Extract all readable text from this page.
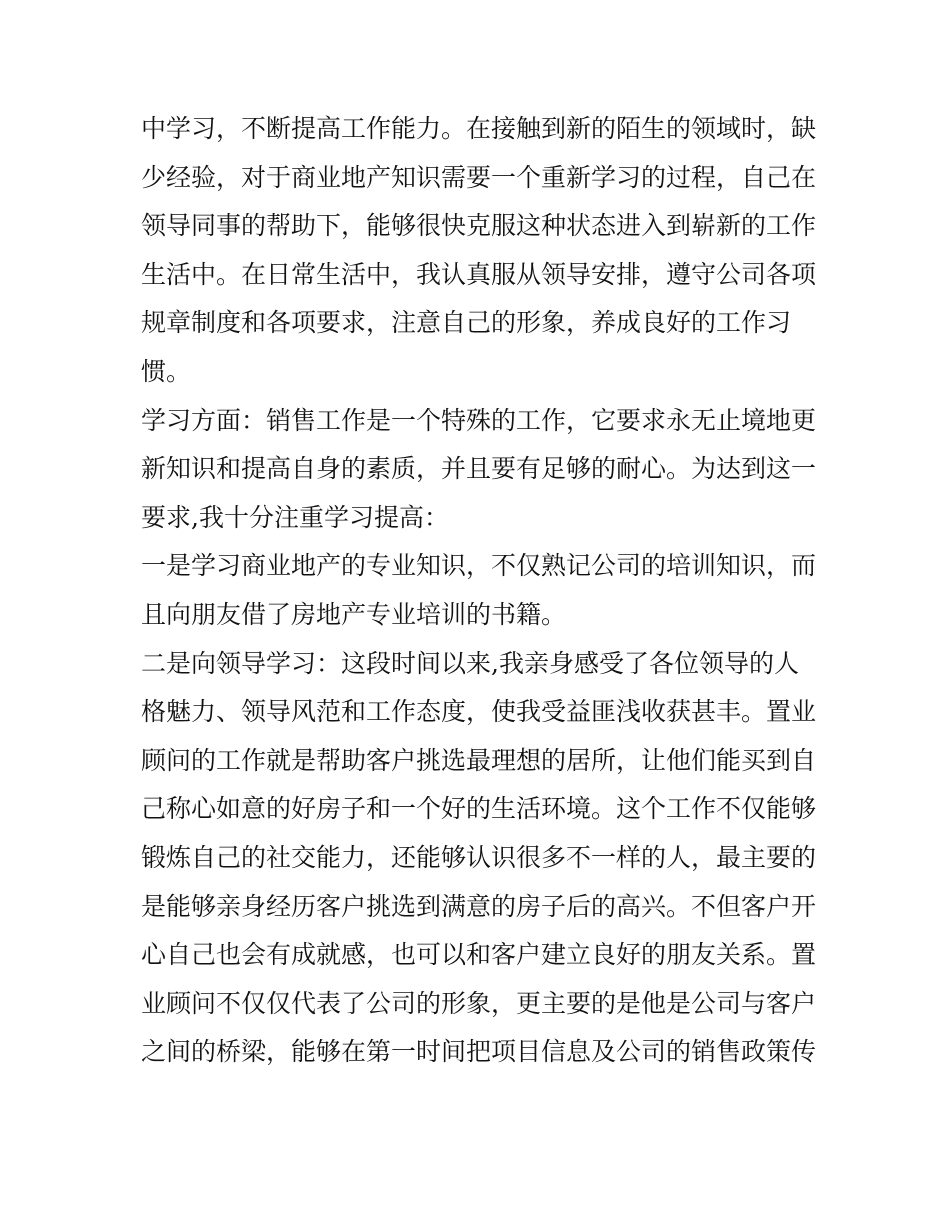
中学习，不断提高工作能力。在接触到新的陌生的领域时，缺
少经验，对于商业地产知识需要一个重新学习的过程，自己在
领导同事的帮助下，能够很快克服这种状态进入到崭新的工作
生活中。在日常生活中，我认真服从领导安排，遵守公司各项
规章制度和各项要求，注意自己的形象，养成良好的工作习
惯。
学习方面：销售工作是一个特殊的工作，它要求永无止境地更
新知识和提高自身的素质，并且要有足够的耐心。为达到这一
要求,我十分注重学习提高：
一是学习商业地产的专业知识，不仅熟记公司的培训知识，而
且向朋友借了房地产专业培训的书籍。
二是向领导学习：这段时间以来,我亲身感受了各位领导的人
格魅力、领导风范和工作态度，使我受益匪浅收获甚丰。置业
顾问的工作就是帮助客户挑选最理想的居所，让他们能买到自
己称心如意的好房子和一个好的生活环境。这个工作不仅能够
锻炼自己的社交能力，还能够认识很多不一样的人，最主要的
是能够亲身经历客户挑选到满意的房子后的高兴。不但客户开
心自己也会有成就感，也可以和客户建立良好的朋友关系。置
业顾问不仅仅代表了公司的形象，更主要的是他是公司与客户
之间的桥梁，能够在第一时间把项目信息及公司的销售政策传
